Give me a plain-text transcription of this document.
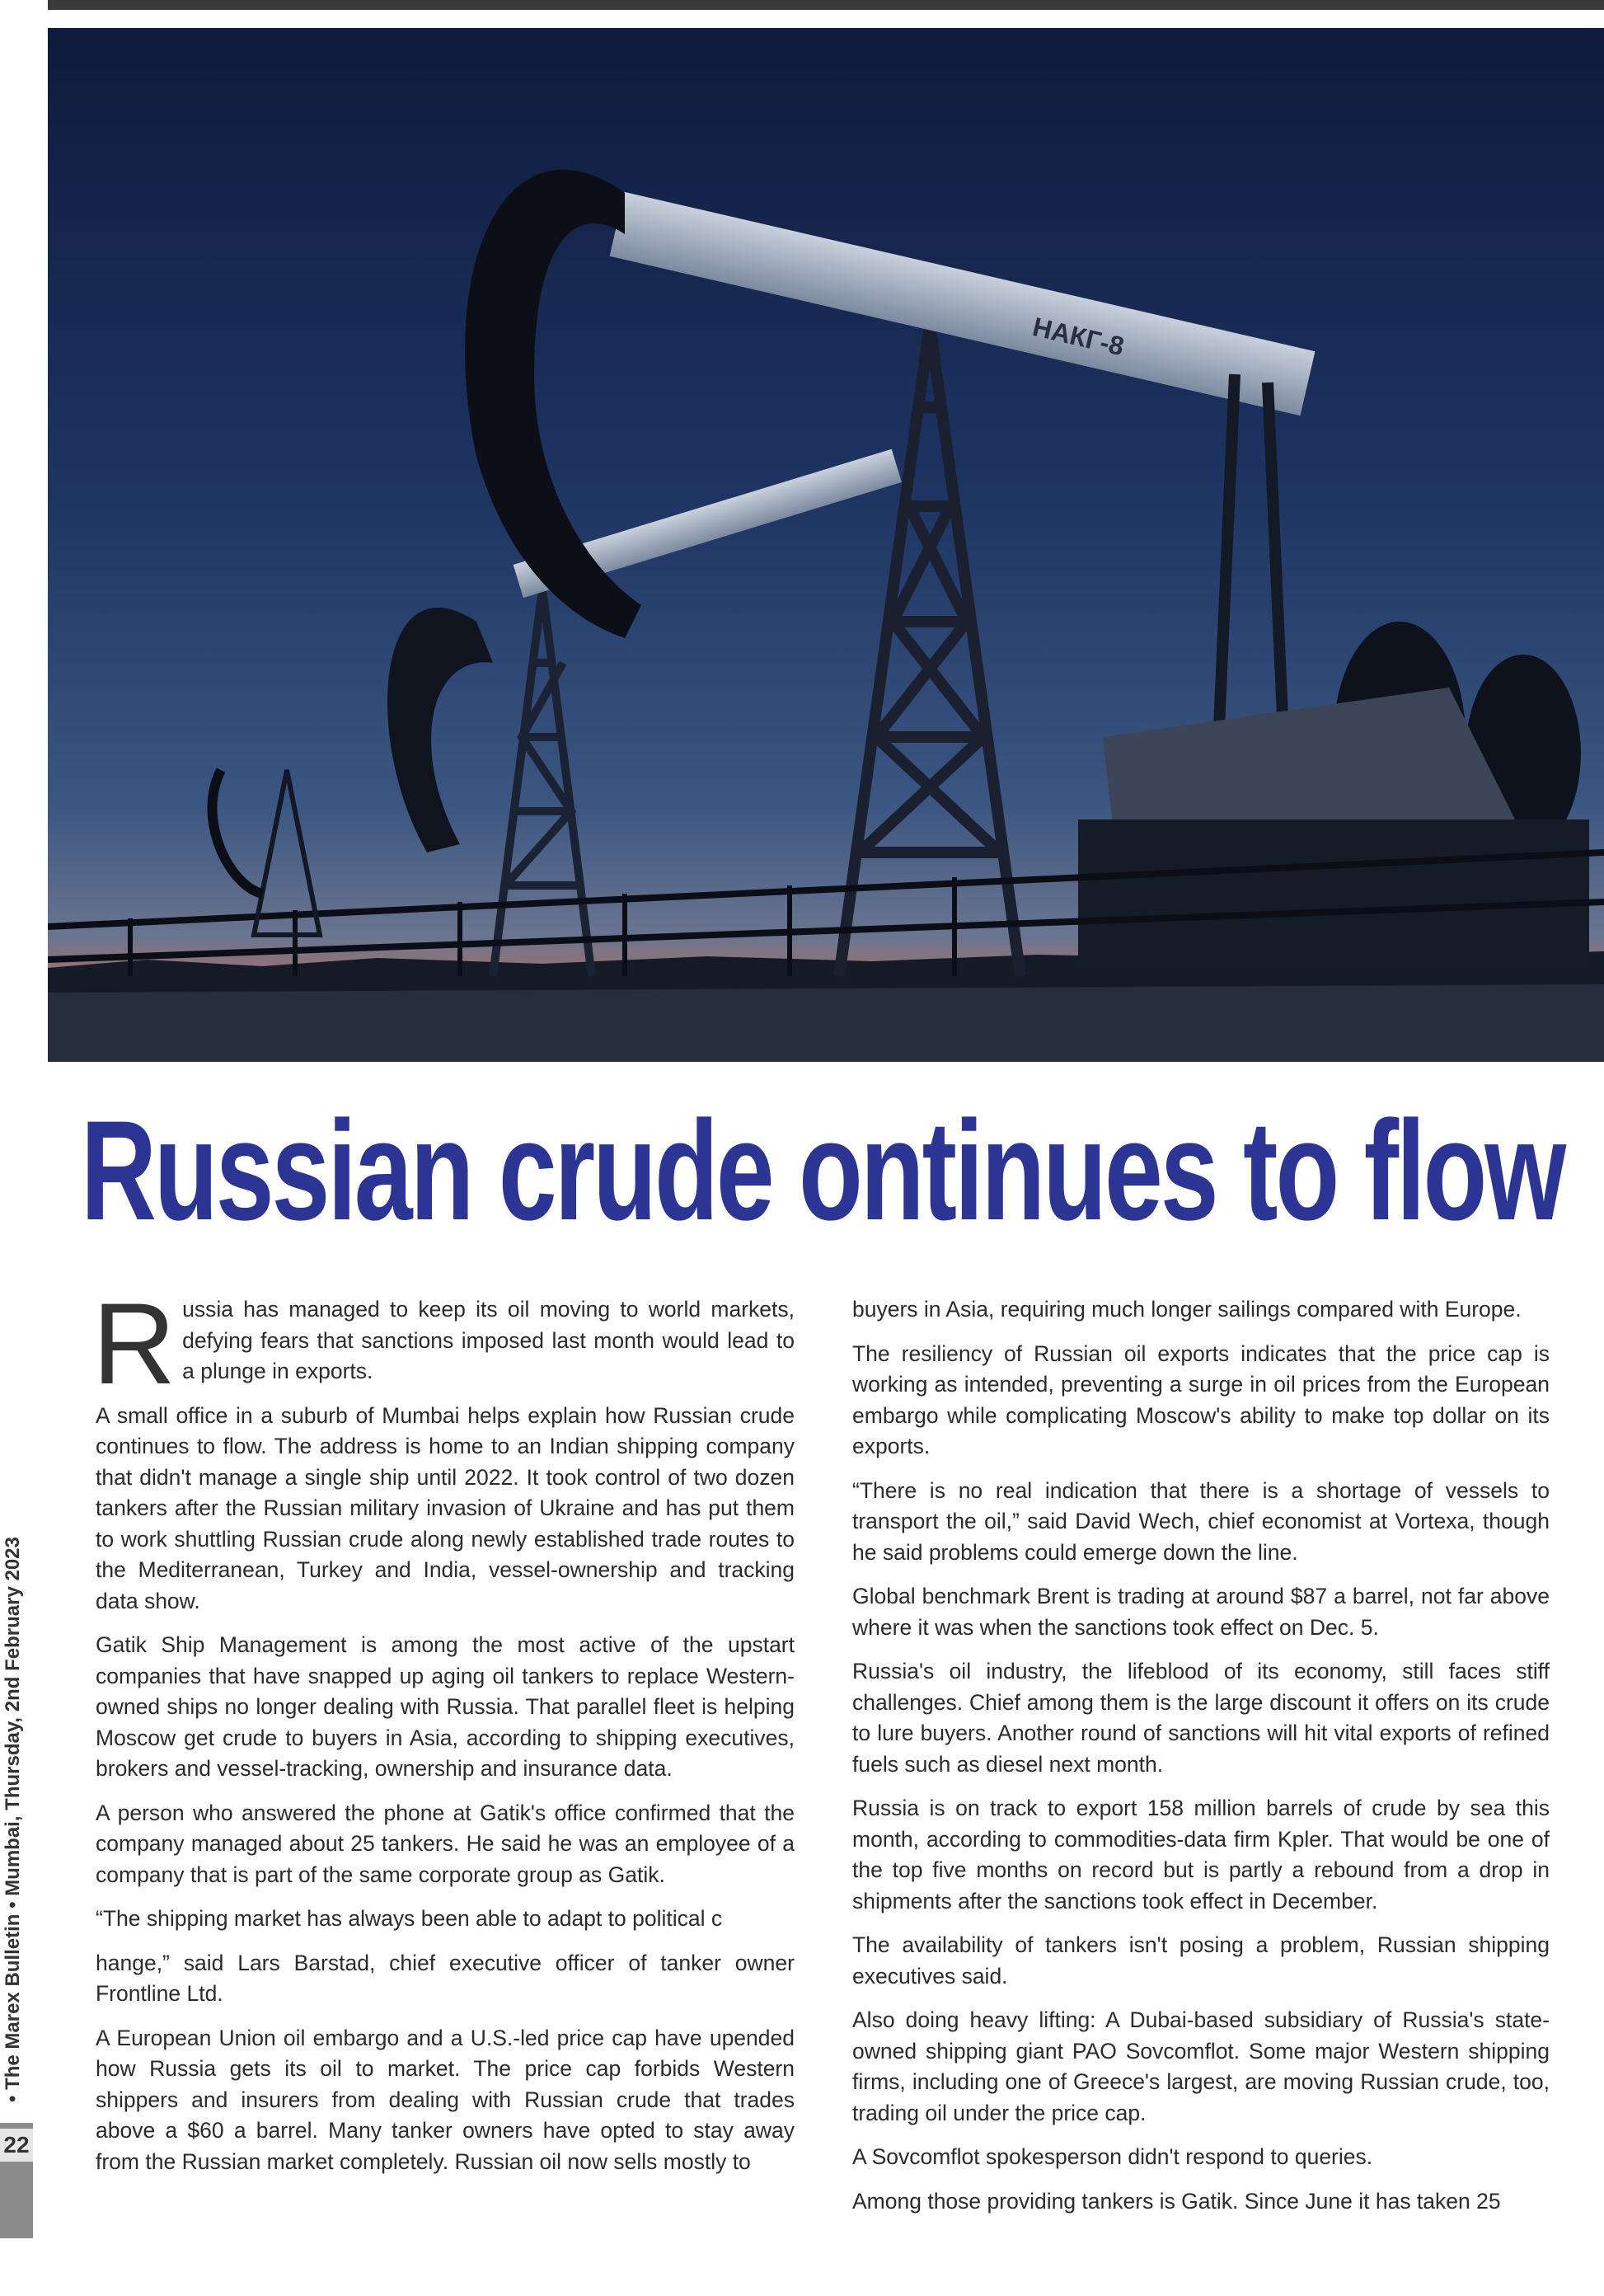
НАКГ-8
Russian crude ontinues to flow

Russia has managed to keep its oil moving to world markets, defying fears that sanctions imposed last month would lead to a plunge in exports.

A small office in a suburb of Mumbai helps explain how Russian crude continues to flow. The address is home to an Indian shipping company that didn't manage a single ship until 2022. It took control of two dozen tankers after the Russian military invasion of Ukraine and has put them to work shuttling Russian crude along newly established trade routes to the Mediterranean, Turkey and India, vessel-ownership and tracking data show.

Gatik Ship Management is among the most active of the upstart companies that have snapped up aging oil tankers to replace Western-owned ships no longer dealing with Russia. That parallel fleet is helping Moscow get crude to buyers in Asia, according to shipping executives, brokers and vessel-tracking, ownership and insurance data.

A person who answered the phone at Gatik's office confirmed that the company managed about 25 tankers. He said he was an employee of a company that is part of the same corporate group as Gatik.

“The shipping market has always been able to adapt to political c

hange,” said Lars Barstad, chief executive officer of tanker owner Frontline Ltd.

A European Union oil embargo and a U.S.-led price cap have upended how Russia gets its oil to market. The price cap forbids Western shippers and insurers from dealing with Russian crude that trades above a $60 a barrel. Many tanker owners have opted to stay away from the Russian market completely. Russian oil now sells mostly to

buyers in Asia, requiring much longer sailings compared with Europe.

The resiliency of Russian oil exports indicates that the price cap is working as intended, preventing a surge in oil prices from the European embargo while complicating Moscow's ability to make top dollar on its exports.

“There is no real indication that there is a shortage of vessels to transport the oil,” said David Wech, chief economist at Vortexa, though he said problems could emerge down the line.

Global benchmark Brent is trading at around $87 a barrel, not far above where it was when the sanctions took effect on Dec. 5.

Russia's oil industry, the lifeblood of its economy, still faces stiff challenges. Chief among them is the large discount it offers on its crude to lure buyers. Another round of sanctions will hit vital exports of refined fuels such as diesel next month.

Russia is on track to export 158 million barrels of crude by sea this month, according to commodities-data firm Kpler. That would be one of the top five months on record but is partly a rebound from a drop in shipments after the sanctions took effect in December.

The availability of tankers isn't posing a problem, Russian shipping executives said.

Also doing heavy lifting: A Dubai-based subsidiary of Russia's state-owned shipping giant PAO Sovcomflot. Some major Western shipping firms, including one of Greece's largest, are moving Russian crude, too, trading oil under the price cap.

A Sovcomflot spokesperson didn't respond to queries.

Among those providing tankers is Gatik. Since June it has taken 25

• The Marex Bulletin • Mumbai, Thursday, 2nd February 2023
22
